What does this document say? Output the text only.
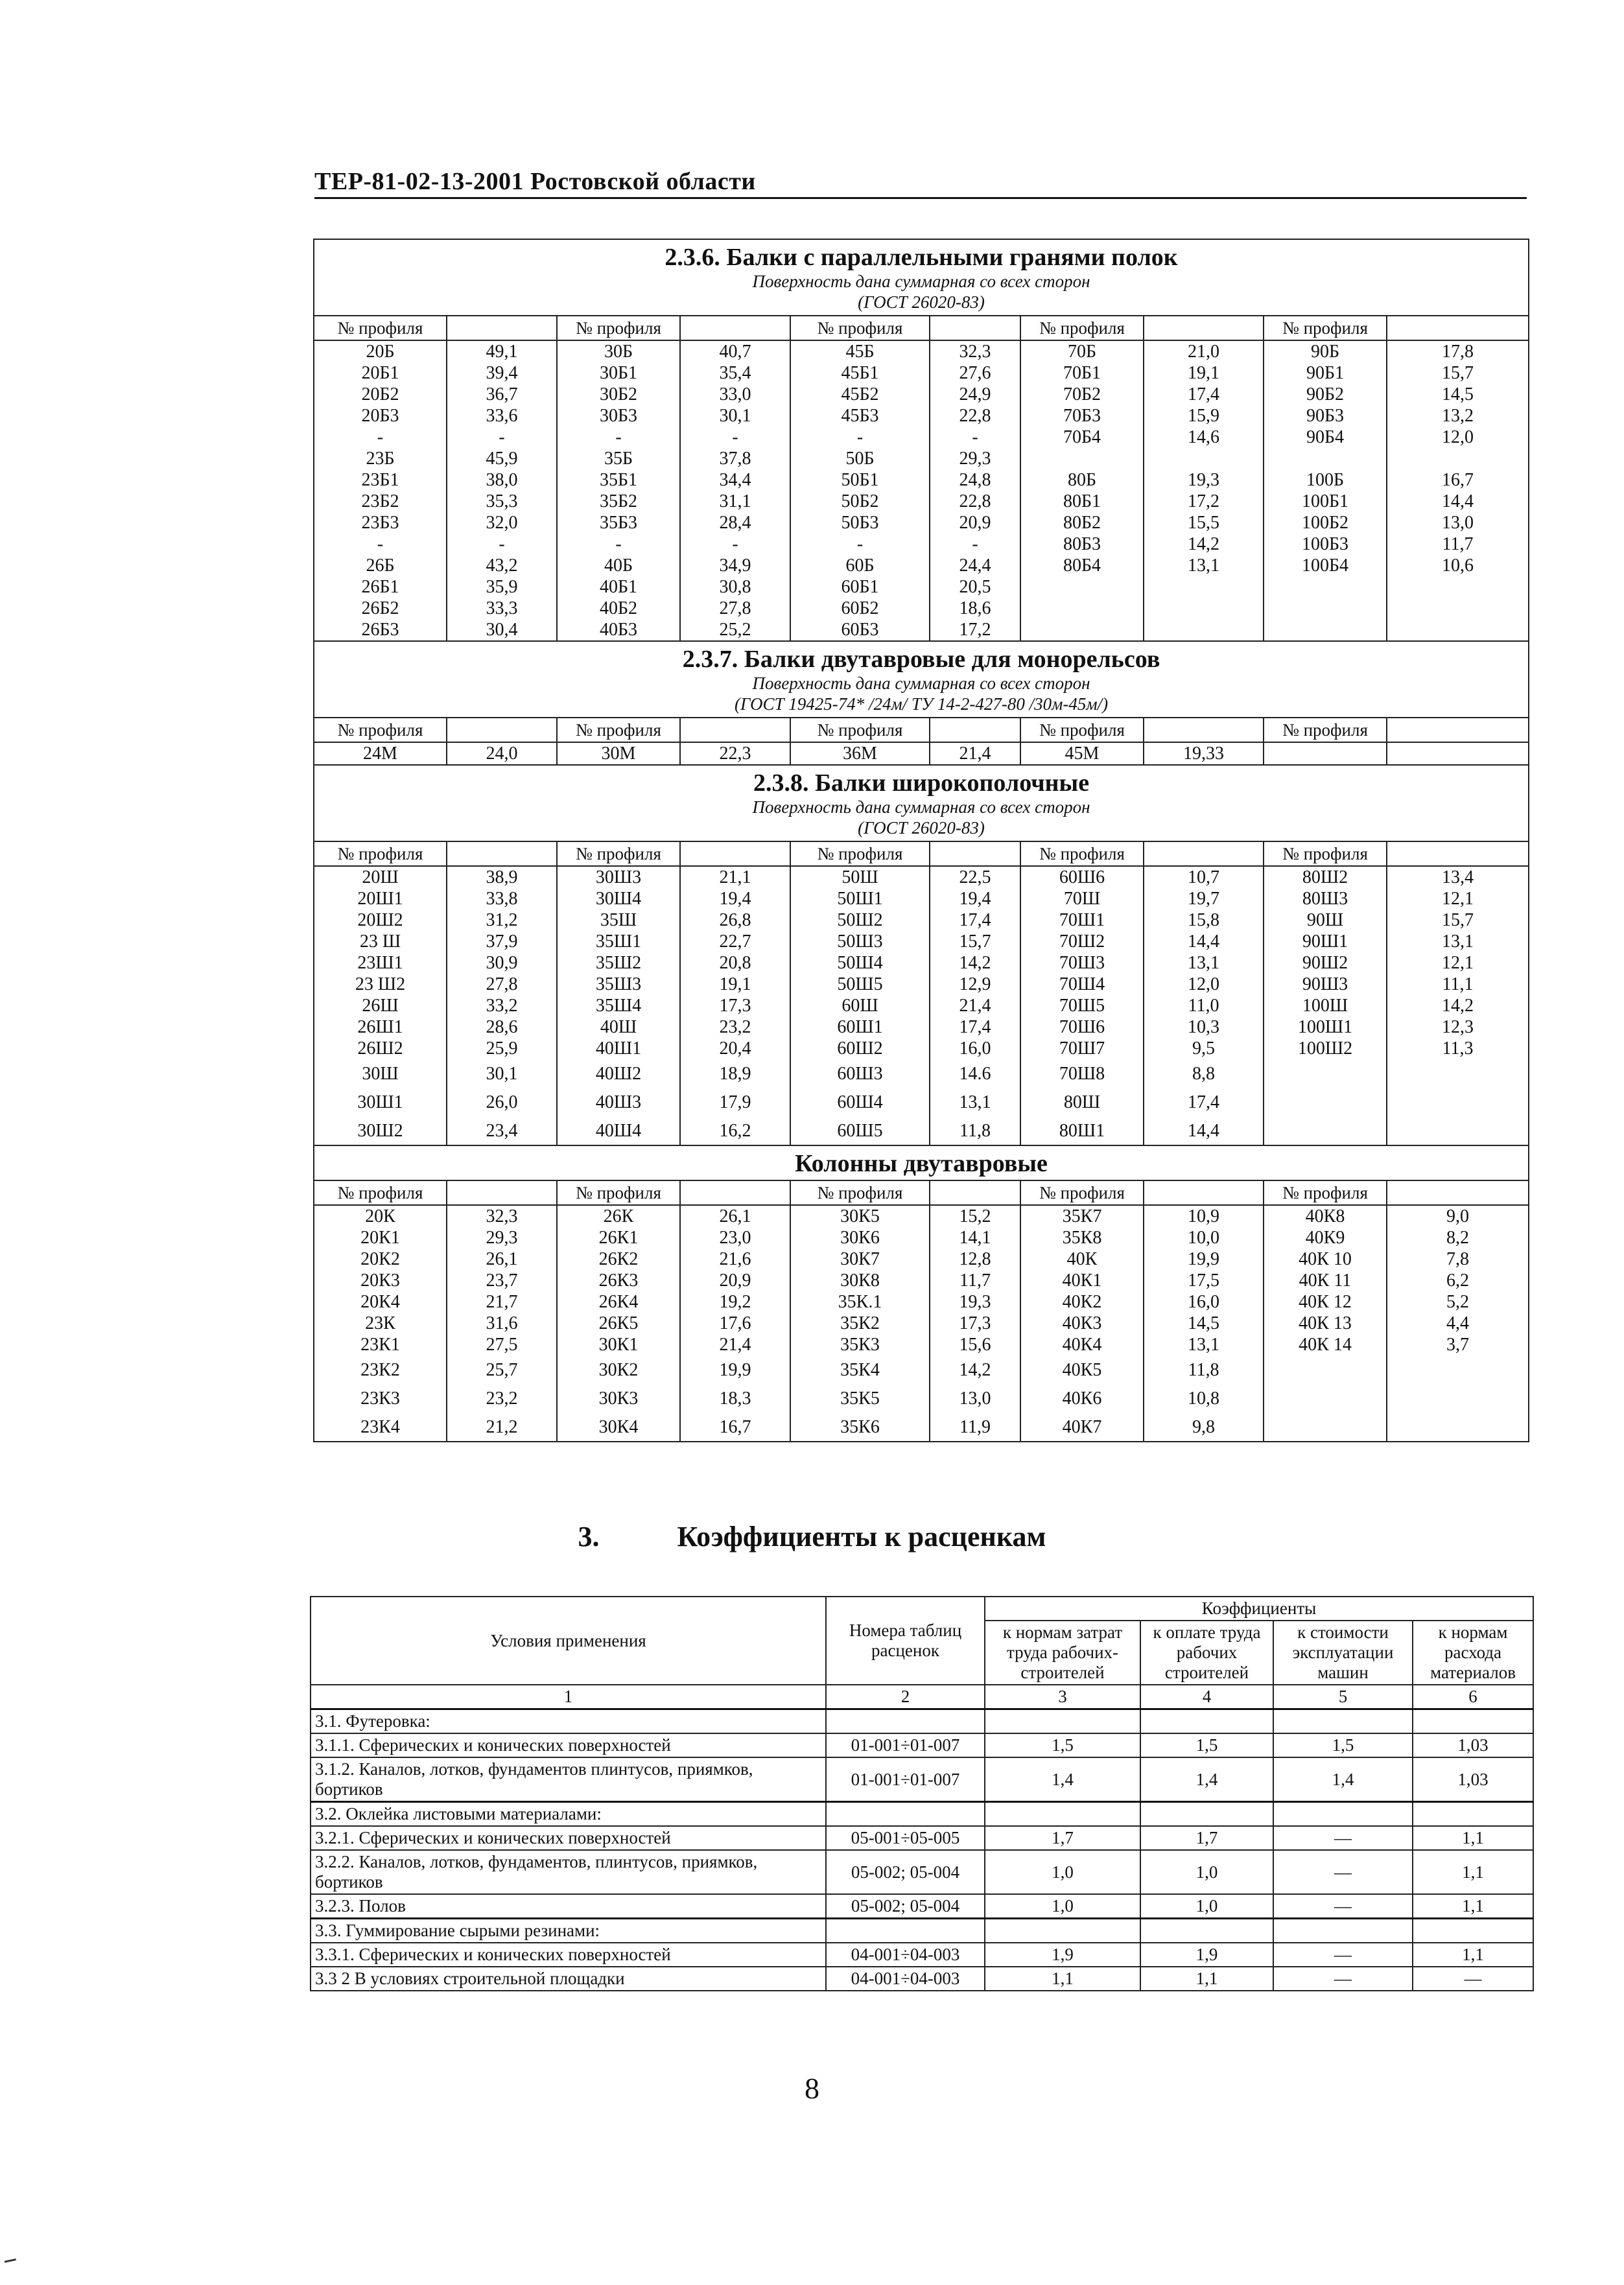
ТЕР-81-02-13-2001 Ростовской области
2.3.6. Балки с параллельными гранями полок
Поверхность дана суммарная со всех сторон
(ГОСТ 26020-83)									

№ профиля		№ профиля		№ профиля		№ профиля		№ профиля	
20Б	49,1	30Б	40,7	45Б	32,3	70Б	21,0	90Б	17,8
20Б1	39,4	30Б1	35,4	45Б1	27,6	70Б1	19,1	90Б1	15,7
20Б2	36,7	30Б2	33,0	45Б2	24,9	70Б2	17,4	90Б2	14,5
20Б3	33,6	30Б3	30,1	45Б3	22,8	70Б3	15,9	90Б3	13,2
-	-	-	-	-	-	70Б4	14,6	90Б4	12,0
23Б	45,9	35Б	37,8	50Б	29,3				
23Б1	38,0	35Б1	34,4	50Б1	24,8	80Б	19,3	100Б	16,7
23Б2	35,3	35Б2	31,1	50Б2	22,8	80Б1	17,2	100Б1	14,4
23Б3	32,0	35Б3	28,4	50Б3	20,9	80Б2	15,5	100Б2	13,0
-	-	-	-	-	-	80Б3	14,2	100Б3	11,7
26Б	43,2	40Б	34,9	60Б	24,4	80Б4	13,1	100Б4	10,6
26Б1	35,9	40Б1	30,8	60Б1	20,5				
26Б2	33,3	40Б2	27,8	60Б2	18,6				
26Б3	30,4	40Б3	25,2	60Б3	17,2				

2.3.7. Балки двутавровые для монорельсов
Поверхность дана суммарная со всех сторон
(ГОСТ 19425-74* /24м/ ТУ 14-2-427-80 /30м-45м/)									

№ профиля		№ профиля		№ профиля		№ профиля		№ профиля	
24М	24,0	30М	22,3	36М	21,4	45М	19,33		

2.3.8. Балки широкополочные
Поверхность дана суммарная со всех сторон
(ГОСТ 26020-83)									

№ профиля		№ профиля		№ профиля		№ профиля		№ профиля	
20Ш	38,9	30Ш3	21,1	50Ш	22,5	60Ш6	10,7	80Ш2	13,4
20Ш1	33,8	30Ш4	19,4	50Ш1	19,4	70Ш	19,7	80Ш3	12,1
20Ш2	31,2	35Ш	26,8	50Ш2	17,4	70Ш1	15,8	90Ш	15,7
23 Ш	37,9	35Ш1	22,7	50Ш3	15,7	70Ш2	14,4	90Ш1	13,1
23Ш1	30,9	35Ш2	20,8	50Ш4	14,2	70Ш3	13,1	90Ш2	12,1
23 Ш2	27,8	35Ш3	19,1	50Ш5	12,9	70Ш4	12,0	90Ш3	11,1
26Ш	33,2	35Ш4	17,3	60Ш	21,4	70Ш5	11,0	100Ш	14,2
26Ш1	28,6	40Ш	23,2	60Ш1	17,4	70Ш6	10,3	100Ш1	12,3
26Ш2	25,9	40Ш1	20,4	60Ш2	16,0	70Ш7	9,5	100Ш2	11,3
30Ш	30,1	40Ш2	18,9	60Ш3	14.6	70Ш8	8,8		
30Ш1	26,0	40Ш3	17,9	60Ш4	13,1	80Ш	17,4		
30Ш2	23,4	40Ш4	16,2	60Ш5	11,8	80Ш1	14,4		

Колонны двутавровые									

№ профиля		№ профиля		№ профиля		№ профиля		№ профиля	
20К	32,3	26К	26,1	30К5	15,2	35К7	10,9	40К8	9,0
20К1	29,3	26К1	23,0	30К6	14,1	35К8	10,0	40К9	8,2
20К2	26,1	26К2	21,6	30К7	12,8	40К	19,9	40К 10	7,8
20К3	23,7	26К3	20,9	30К8	11,7	40К1	17,5	40К 11	6,2
20К4	21,7	26К4	19,2	35К.1	19,3	40К2	16,0	40К 12	5,2
23К	31,6	26К5	17,6	35К2	17,3	40К3	14,5	40К 13	4,4
23К1	27,5	30К1	21,4	35К3	15,6	40К4	13,1	40К 14	3,7
23К2	25,7	30К2	19,9	35К4	14,2	40К5	11,8		
23К3	23,2	30К3	18,3	35К5	13,0	40К6	10,8		
23К4	21,2	30К4	16,7	35К6	11,9	40К7	9,8		
3.	Коэффициенты к расценкам
Условия применения	Номера таблиц расценок	Коэффициенты			
		к нормам затрат труда рабочих-строителей	к оплате труда рабочих строителей	к стоимости эксплуатации машин	к нормам расхода материалов
1	2	3	4	5	6
3.1. Футеровка:					
3.1.1. Сферических и конических поверхностей	01-001÷01-007	1,5	1,5	1,5	1,03
3.1.2. Каналов, лотков, фундаментов плинтусов, приямков, бортиков	01-001÷01-007	1,4	1,4	1,4	1,03
3.2. Оклейка листовыми материалами:					
3.2.1. Сферических и конических поверхностей	05-001÷05-005	1,7	1,7	—	1,1
3.2.2. Каналов, лотков, фундаментов, плинтусов, приямков, бортиков	05-002; 05-004	1,0	1,0	—	1,1
3.2.3. Полов	05-002; 05-004	1,0	1,0	—	1,1
3.3. Гуммирование сырыми резинами:					
3.3.1. Сферических и конических поверхностей	04-001÷04-003	1,9	1,9	—	1,1
3.3 2 В условиях строительной площадки	04-001÷04-003	1,1	1,1	—	—
8
